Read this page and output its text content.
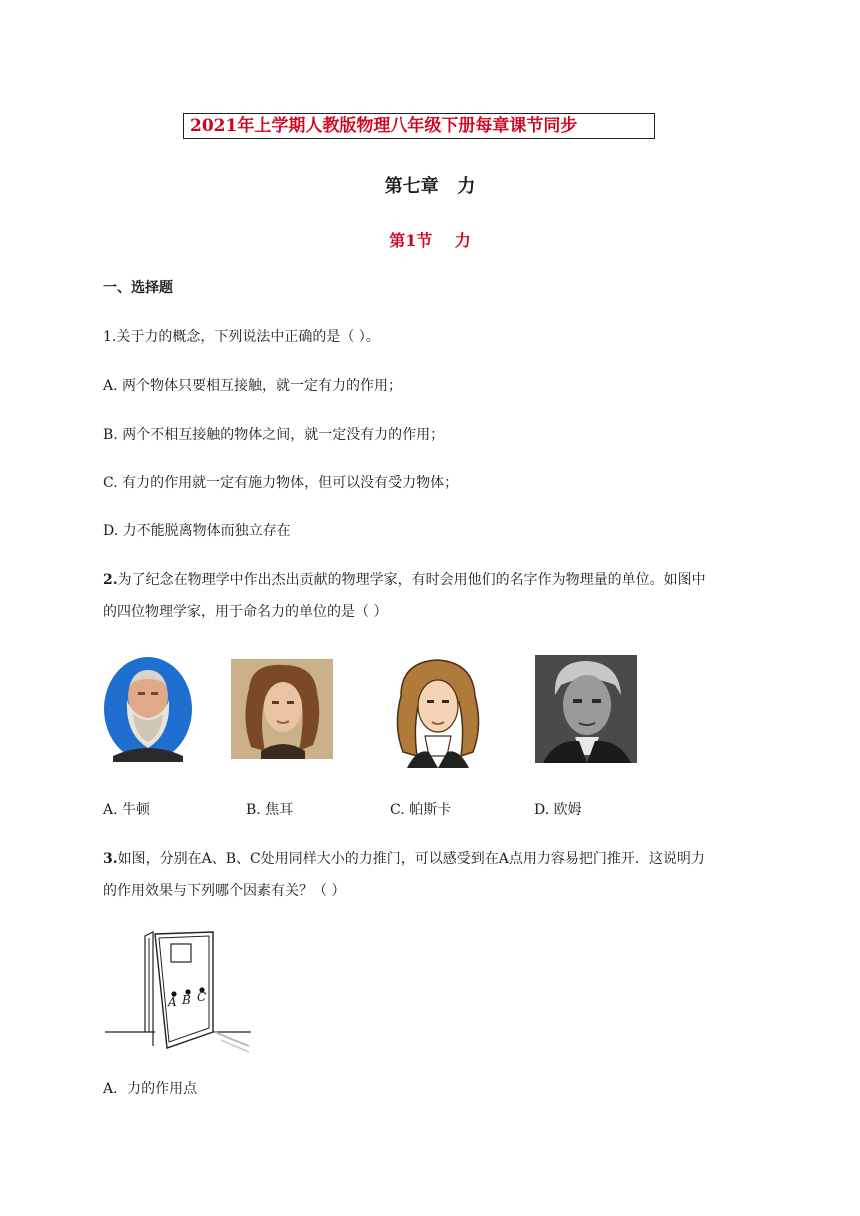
2021年上学期人教版物理八年级下册每章课节同步
第七章   力
第1节    力
一、选择题
1.关于力的概念，下列说法中正确的是（ ）。
A. 两个物体只要相互接触，就一定有力的作用；
B. 两个不相互接触的物体之间，就一定没有力的作用；
C. 有力的作用就一定有施力物体，但可以没有受力物体；
D. 力不能脱离物体而独立存在
2.为了纪念在物理学中作出杰出贡献的物理学家，有时会用他们的名字作为物理量的单位。如图中
的四位物理学家，用于命名力的单位的是（ ）
A. 牛顿	B. 焦耳	C. 帕斯卡	D. 欧姆
3.如图，分别在A、B、C处用同样大小的力推门，可以感受到在A点用力容易把门推开．这说明力
的作用效果与下列哪个因素有关？（ ）
A B C
A．力的作用点
